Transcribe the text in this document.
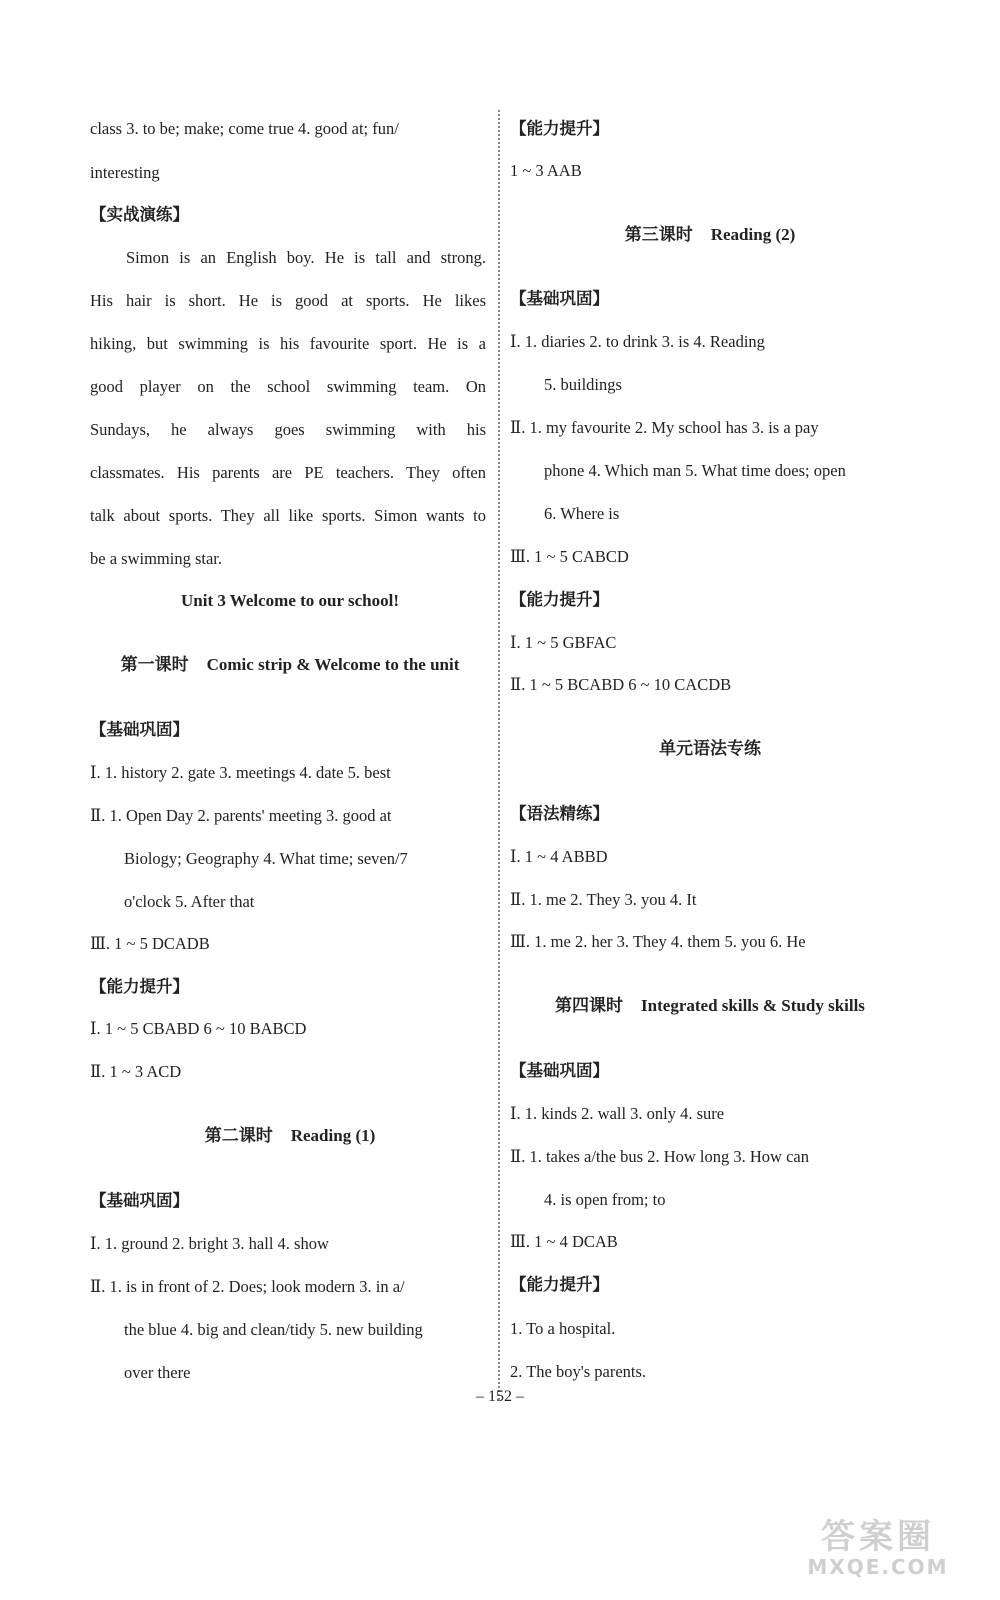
class 3. to be; make; come true 4. good at; fun/
interesting
【实战演练】
Simon is an English boy. He is tall and strong.
His hair is short. He is good at sports. He likes
hiking, but swimming is his favourite sport. He is a
good player on the school swimming team. On
Sundays, he always goes swimming with his
classmates. His parents are PE teachers. They often
talk about sports. They all like sports. Simon wants to
be a swimming star.
Unit 3 Welcome to our school!
第一课时 Comic strip & Welcome to the unit
【基础巩固】
Ⅰ. 1. history 2. gate 3. meetings 4. date 5. best
Ⅱ. 1. Open Day 2. parents' meeting 3. good at
Biology; Geography 4. What time; seven/7
o'clock 5. After that
Ⅲ. 1 ~ 5 DCADB
【能力提升】
Ⅰ. 1 ~ 5 CBABD 6 ~ 10 BABCD
Ⅱ. 1 ~ 3 ACD
第二课时 Reading (1)
【基础巩固】
Ⅰ. 1. ground 2. bright 3. hall 4. show
Ⅱ. 1. is in front of 2. Does; look modern 3. in a/
the blue 4. big and clean/tidy 5. new building
over there
【能力提升】
1 ~ 3 AAB
第三课时 Reading (2)
【基础巩固】
Ⅰ. 1. diaries 2. to drink 3. is 4. Reading
5. buildings
Ⅱ. 1. my favourite 2. My school has 3. is a pay
phone 4. Which man 5. What time does; open
6. Where is
Ⅲ. 1 ~ 5 CABCD
【能力提升】
Ⅰ. 1 ~ 5 GBFAC
Ⅱ. 1 ~ 5 BCABD 6 ~ 10 CACDB
单元语法专练
【语法精练】
Ⅰ. 1 ~ 4 ABBD
Ⅱ. 1. me 2. They 3. you 4. It
Ⅲ. 1. me 2. her 3. They 4. them 5. you 6. He
第四课时 Integrated skills & Study skills
【基础巩固】
Ⅰ. 1. kinds 2. wall 3. only 4. sure
Ⅱ. 1. takes a/the bus 2. How long 3. How can
4. is open from; to
Ⅲ. 1 ~ 4 DCAB
【能力提升】
1. To a hospital.
2. The boy's parents.
– 152 –
答案圈
MXQE.COM
